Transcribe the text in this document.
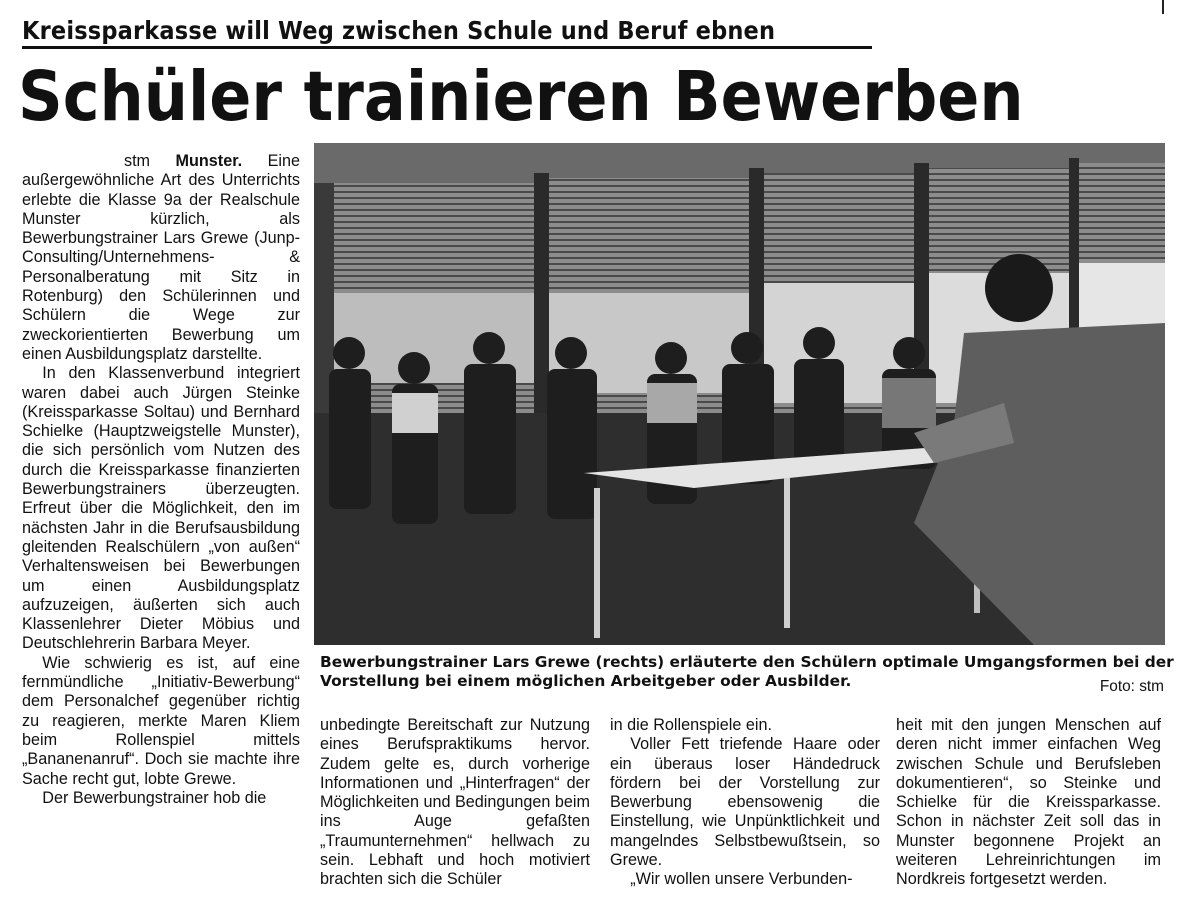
Kreissparkasse will Weg zwischen Schule und Beruf ebnen
Schüler trainieren Bewerben

stm Munster. Eine außergewöhnliche Art des Unterrichts erlebte die Klasse 9a der Realschule Munster kürzlich, als Bewerbungstrainer Lars Grewe (Junp-Consulting/Unternehmens- & Personalberatung mit Sitz in Rotenburg) den Schülerinnen und Schülern die Wege zur zweckorientierten Bewerbung um einen Ausbildungsplatz darstellte.

In den Klassenverbund integriert waren dabei auch Jürgen Steinke (Kreissparkasse Soltau) und Bernhard Schielke (Hauptzweigstelle Munster), die sich persönlich vom Nutzen des durch die Kreissparkasse finanzierten Bewerbungstrainers überzeugten. Erfreut über die Möglichkeit, den im nächsten Jahr in die Berufsausbildung gleitenden Realschülern „von außen“ Verhaltensweisen bei Bewerbungen um einen Ausbildungsplatz aufzuzeigen, äußerten sich auch Klassenlehrer Dieter Möbius und Deutschlehrerin Barbara Meyer.

Wie schwierig es ist, auf eine fernmündliche „Initiativ-Bewerbung“ dem Personalchef gegenüber richtig zu reagieren, merkte Maren Kliem beim Rollenspiel mittels „Bananenanruf“. Doch sie machte ihre Sache recht gut, lobte Grewe.

Der Bewerbungstrainer hob die

Bewerbungstrainer Lars Grewe (rechts) erläuterte den Schülern optimale Umgangsformen bei der
Vorstellung bei einem möglichen Arbeitgeber oder Ausbilder.	Foto: stm

unbedingte Bereitschaft zur Nutzung eines Berufspraktikums hervor. Zudem gelte es, durch vorherige Informationen und „Hinterfragen“ der Möglichkeiten und Bedingungen beim ins Auge gefaßten „Traumunternehmen“ hellwach zu sein. Lebhaft und hoch motiviert brachten sich die Schüler

in die Rollenspiele ein.

Voller Fett triefende Haare oder ein überaus loser Händedruck fördern bei der Vorstellung zur Bewerbung ebensowenig die Einstellung, wie Unpünktlichkeit und mangelndes Selbstbewußtsein, so Grewe.

„Wir wollen unsere Verbunden-

heit mit den jungen Menschen auf deren nicht immer einfachen Weg zwischen Schule und Berufsleben dokumentieren“, so Steinke und Schielke für die Kreissparkasse. Schon in nächster Zeit soll das in Munster begonnene Projekt an weiteren Lehreinrichtungen im Nordkreis fortgesetzt werden.
